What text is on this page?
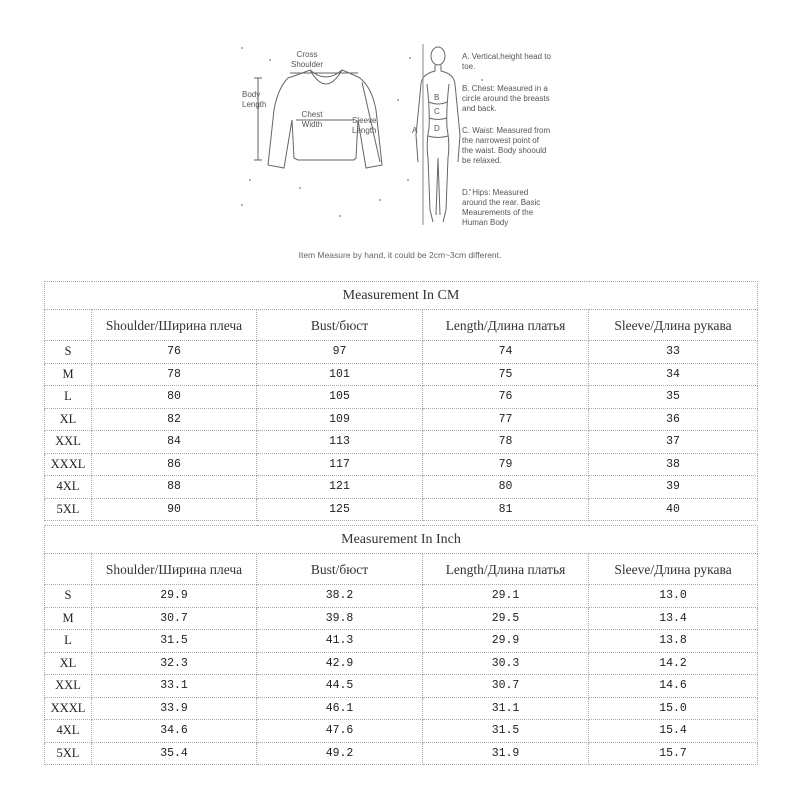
Cross Shoulder
Body Length
Chest Width	Sleeve Length	A
B
C
D
A. Vertical,height head to toe.
B. Chest: Measured in a circle around the breasts and back.
C. Waist: Measured from the narrowest point of the waist. Body shoould be relaxed.
D. Hips: Measured around the rear. Basic Meaurements of the Human Body
Item Measure by hand, it could be 2cm~3cm different.
Measurement In CM				
	Shoulder/Ширина плеча	Bust/бюст	Length/Длина платья	Sleeve/Длина рукава
S	76	97	74	33
M	78	101	75	34
L	80	105	76	35
XL	82	109	77	36
XXL	84	113	78	37
XXXL	86	117	79	38
4XL	88	121	80	39
5XL	90	125	81	40
Measurement In Inch				
	Shoulder/Ширина плеча	Bust/бюст	Length/Длина платья	Sleeve/Длина рукава
S	29.9	38.2	29.1	13.0
M	30.7	39.8	29.5	13.4
L	31.5	41.3	29.9	13.8
XL	32.3	42.9	30.3	14.2
XXL	33.1	44.5	30.7	14.6
XXXL	33.9	46.1	31.1	15.0
4XL	34.6	47.6	31.5	15.4
5XL	35.4	49.2	31.9	15.7
